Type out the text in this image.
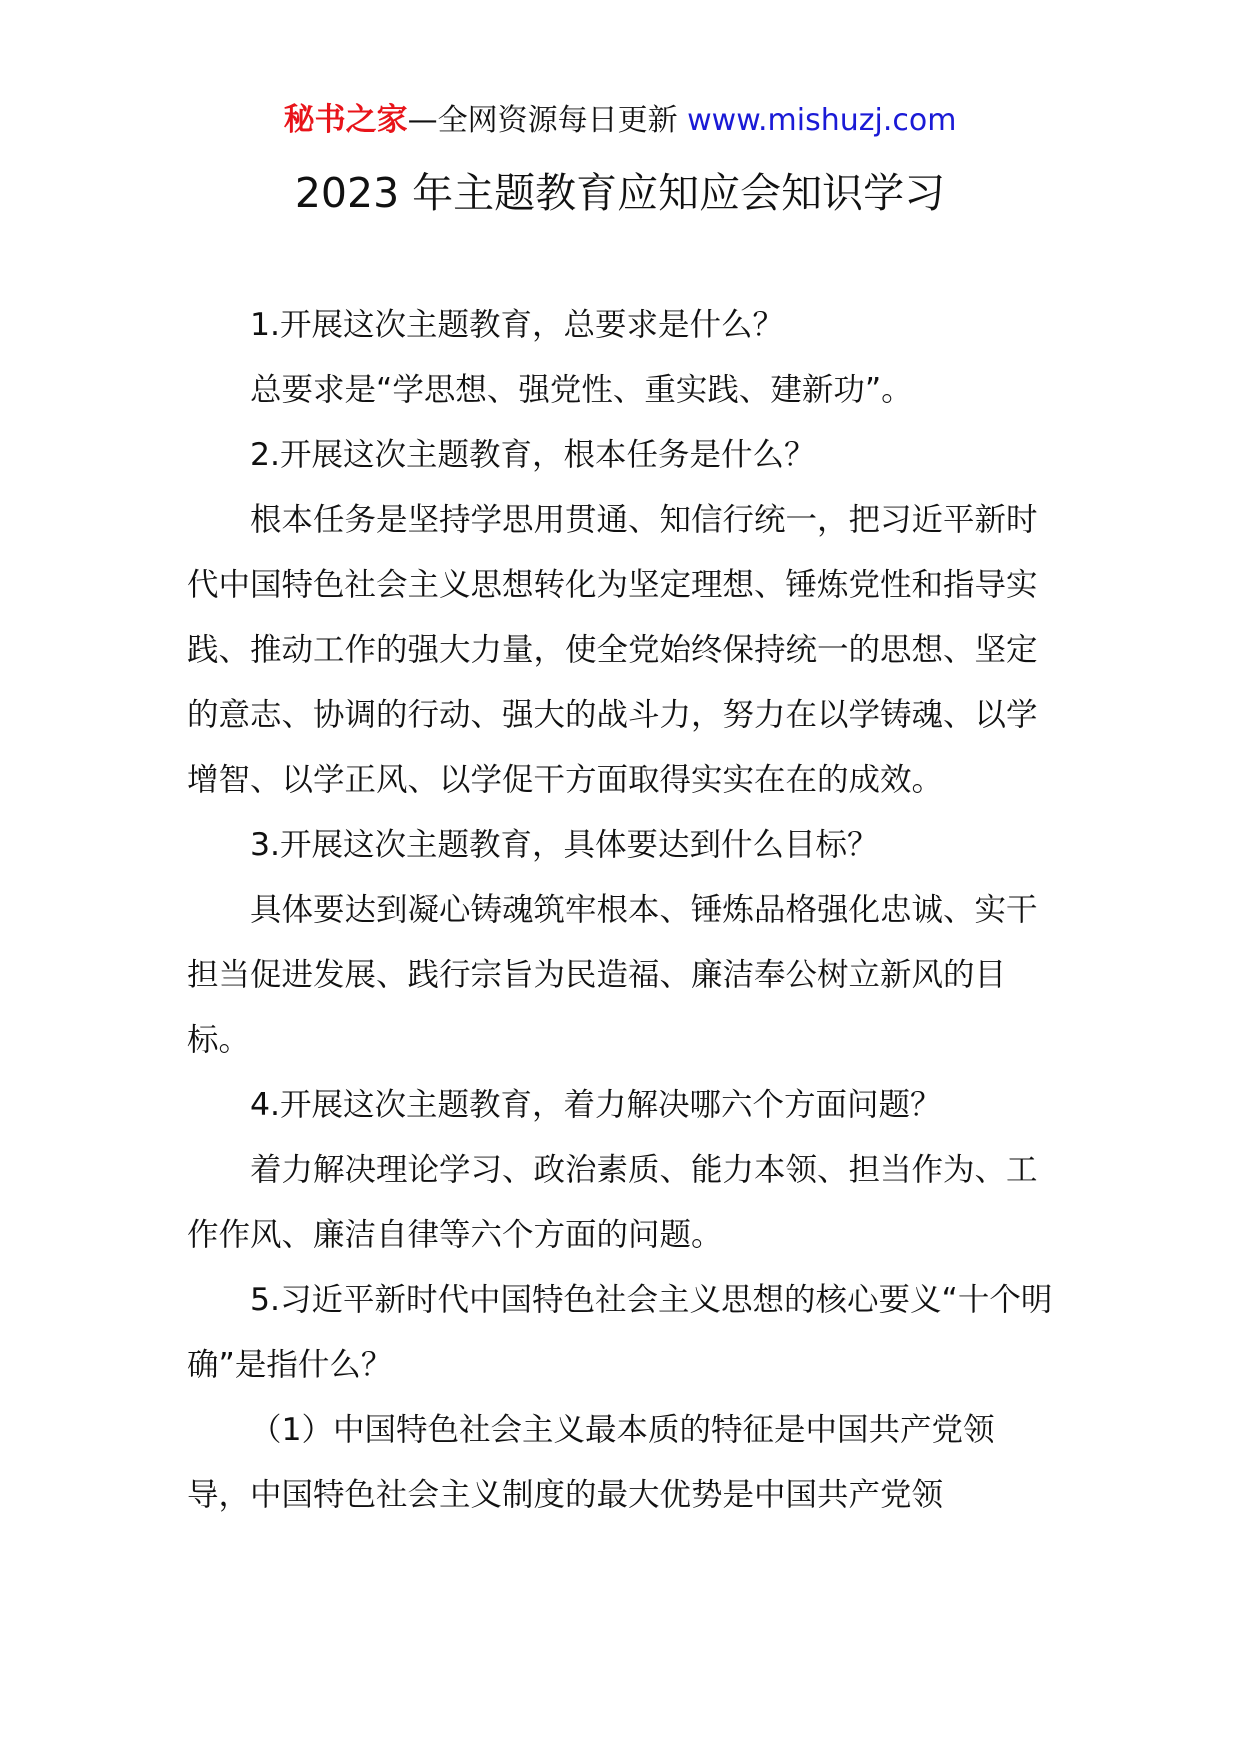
秘书之家—全网资源每日更新 www.mishuzj.com
2023 年主题教育应知应会知识学习

1.开展这次主题教育，总要求是什么？

总要求是“学思想、强党性、重实践、建新功”。

2.开展这次主题教育，根本任务是什么？

根本任务是坚持学思用贯通、知信行统一，把习近平新时代中国特色社会主义思想转化为坚定理想、锤炼党性和指导实践、推动工作的强大力量，使全党始终保持统一的思想、坚定的意志、协调的行动、强大的战斗力，努力在以学铸魂、以学增智、以学正风、以学促干方面取得实实在在的成效。

3.开展这次主题教育，具体要达到什么目标？

具体要达到凝心铸魂筑牢根本、锤炼品格强化忠诚、实干担当促进发展、践行宗旨为民造福、廉洁奉公树立新风的目标。

4.开展这次主题教育，着力解决哪六个方面问题？

着力解决理论学习、政治素质、能力本领、担当作为、工作作风、廉洁自律等六个方面的问题。

5.习近平新时代中国特色社会主义思想的核心要义“十个明确”是指什么？

（1）中国特色社会主义最本质的特征是中国共产党领导，中国特色社会主义制度的最大优势是中国共产党领
